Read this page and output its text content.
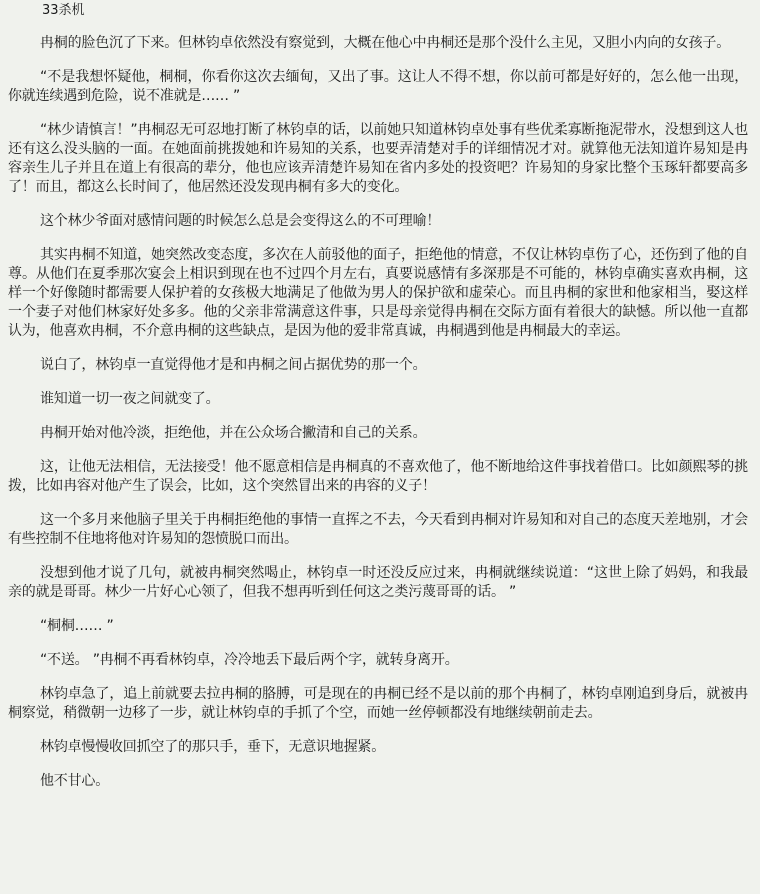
33杀机

冉桐的脸色沉了下来。但林钧卓依然没有察觉到，大概在他心中冉桐还是那个没什么主见，又胆小内向的女孩子。

“不是我想怀疑他，桐桐，你看你这次去缅甸，又出了事。这让人不得不想，你以前可都是好好的，怎么他一出现，你就连续遇到危险，说不准就是…… ”

“林少请慎言！”冉桐忍无可忍地打断了林钧卓的话，以前她只知道林钧卓处事有些优柔寡断拖泥带水，没想到这人也还有这么没头脑的一面。在她面前挑拨她和许易知的关系，也要弄清楚对手的详细情况才对。就算他无法知道许易知是冉容亲生儿子并且在道上有很高的辈分，他也应该弄清楚许易知在省内多处的投资吧？许易知的身家比整个玉琢轩都要高多了！而且，都这么长时间了，他居然还没发现冉桐有多大的变化。

这个林少爷面对感情问题的时候怎么总是会变得这么的不可理喻！

其实冉桐不知道，她突然改变态度，多次在人前驳他的面子，拒绝他的情意，不仅让林钧卓伤了心，还伤到了他的自尊。从他们在夏季那次宴会上相识到现在也不过四个月左右，真要说感情有多深那是不可能的，林钧卓确实喜欢冉桐，这样一个好像随时都需要人保护着的女孩极大地满足了他做为男人的保护欲和虚荣心。而且冉桐的家世和他家相当，娶这样一个妻子对他们林家好处多多。他的父亲非常满意这件事，只是母亲觉得冉桐在交际方面有着很大的缺憾。所以他一直都认为，他喜欢冉桐，不介意冉桐的这些缺点，是因为他的爱非常真诚，冉桐遇到他是冉桐最大的幸运。

说白了，林钧卓一直觉得他才是和冉桐之间占据优势的那一个。

谁知道一切一夜之间就变了。

冉桐开始对他冷淡，拒绝他，并在公众场合撇清和自己的关系。

这，让他无法相信，无法接受！他不愿意相信是冉桐真的不喜欢他了，他不断地给这件事找着借口。比如颜熙琴的挑拨，比如冉容对他产生了误会，比如，这个突然冒出来的冉容的义子！

这一个多月来他脑子里关于冉桐拒绝他的事情一直挥之不去，今天看到冉桐对许易知和对自己的态度天差地别，才会有些控制不住地将他对许易知的怨愤脱口而出。

没想到他才说了几句，就被冉桐突然喝止，林钧卓一时还没反应过来，冉桐就继续说道：“这世上除了妈妈，和我最亲的就是哥哥。林少一片好心心领了，但我不想再听到任何这之类污蔑哥哥的话。 ”

“桐桐…… ”

“不送。 ”冉桐不再看林钧卓，冷冷地丢下最后两个字，就转身离开。

林钧卓急了，追上前就要去拉冉桐的胳膊，可是现在的冉桐已经不是以前的那个冉桐了，林钧卓刚追到身后，就被冉桐察觉，稍微朝一边移了一步，就让林钧卓的手抓了个空，而她一丝停顿都没有地继续朝前走去。

林钧卓慢慢收回抓空了的那只手，垂下，无意识地握紧。

他不甘心。
